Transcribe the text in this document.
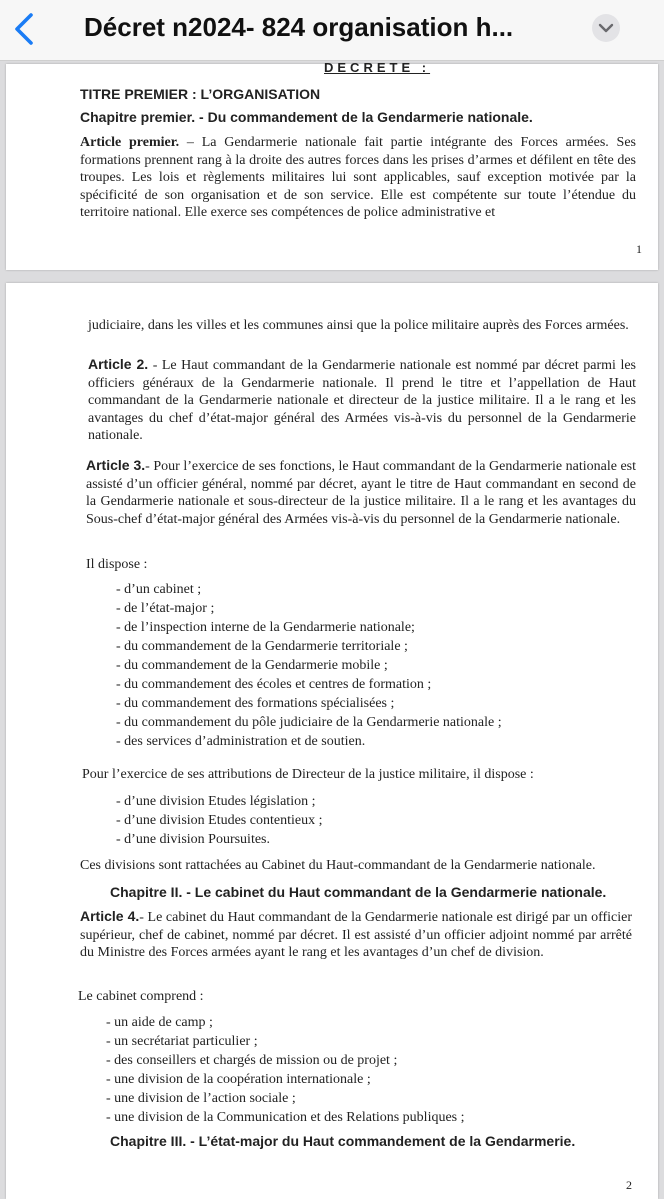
Décret n2024- 824 organisation h...
DECRETE :
TITRE PREMIER : L’ORGANISATION
Chapitre premier. - Du commandement de la Gendarmerie nationale.
Article premier. – La Gendarmerie nationale fait partie intégrante des Forces armées. Ses formations prennent rang à la droite des autres forces dans les prises d’armes et défilent en tête des troupes. Les lois et règlements militaires lui sont applicables, sauf exception motivée par la spécificité de son organisation et de son service. Elle est compétente sur toute l’étendue du territoire national. Elle exerce ses compétences de police administrative et
1
judiciaire, dans les villes et les communes ainsi que la police militaire auprès des Forces armées.
Article 2. - Le Haut commandant de la Gendarmerie nationale est nommé par décret parmi les officiers généraux de la Gendarmerie nationale. Il prend le titre et l’appellation de Haut commandant de la Gendarmerie nationale et directeur de la justice militaire. Il a le rang et les avantages du chef d’état-major général des Armées vis-à-vis du personnel de la Gendarmerie nationale.
Article 3.- Pour l’exercice de ses fonctions, le Haut commandant de la Gendarmerie nationale est assisté d’un officier général, nommé par décret, ayant le titre de Haut commandant en second de la Gendarmerie nationale et sous-directeur de la justice militaire. Il a le rang et les avantages du Sous-chef d’état-major général des Armées vis-à-vis du personnel de la Gendarmerie nationale.
Il dispose :
- d’un cabinet ;
- de l’état-major ;
- de l’inspection interne de la Gendarmerie nationale;
- du commandement de la Gendarmerie territoriale ;
- du commandement de la Gendarmerie mobile ;
- du commandement des écoles et centres de formation ;
- du commandement des formations spécialisées ;
- du commandement du pôle judiciaire de la Gendarmerie nationale ;
- des services d’administration et de soutien.
Pour l’exercice de ses attributions de Directeur de la justice militaire, il dispose :
- d’une division Etudes législation ;
- d’une division Etudes contentieux ;
- d’une division Poursuites.
Ces divisions sont rattachées au Cabinet du Haut-commandant de la Gendarmerie nationale.
Chapitre II. - Le cabinet du Haut commandant de la Gendarmerie nationale.
Article 4.- Le cabinet du Haut commandant de la Gendarmerie nationale est dirigé par un officier supérieur, chef de cabinet, nommé par décret. Il est assisté d’un officier adjoint nommé par arrêté du Ministre des Forces armées ayant le rang et les avantages d’un chef de division.
Le cabinet comprend :
- un aide de camp ;
- un secrétariat particulier ;
- des conseillers et chargés de mission ou de projet ;
- une division de la coopération internationale ;
- une division de l’action sociale ;
- une division de la Communication et des Relations publiques ;
Chapitre III. - L’état-major du Haut commandement de la Gendarmerie.
2
